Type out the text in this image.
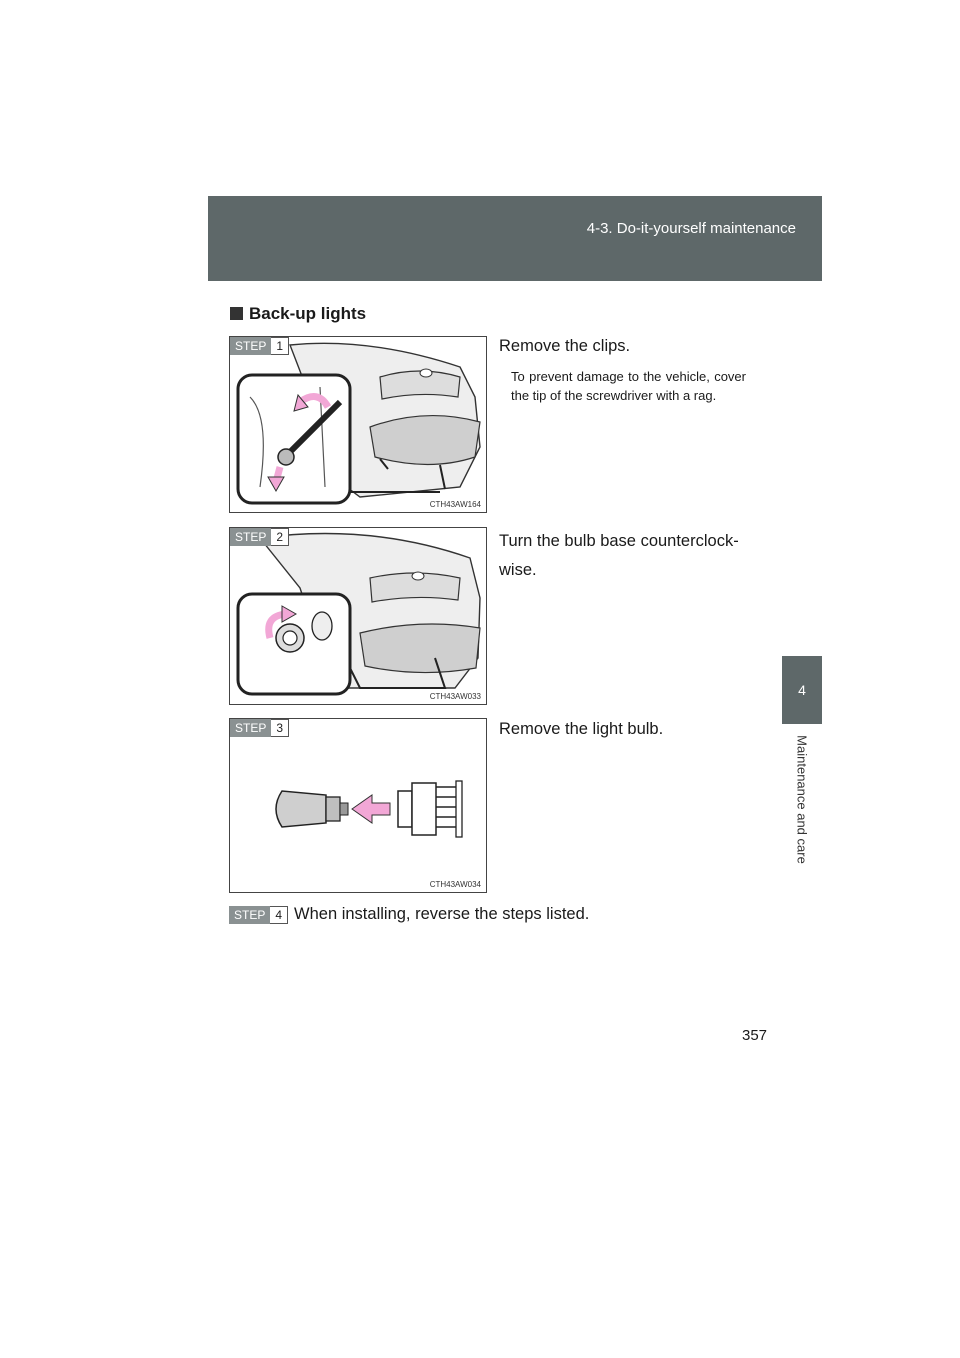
4-3. Do-it-yourself maintenance
4
Maintenance and care
Back-up lights
STEP 1
CTH43AW164
Remove the clips.
To prevent damage to the vehicle, cover the tip of the screwdriver with a rag.
STEP 2
CTH43AW033
Turn the bulb base counterclock-wise.
STEP 3
CTH43AW034
Remove the light bulb.
STEP 4 When installing, reverse the steps listed.
357
